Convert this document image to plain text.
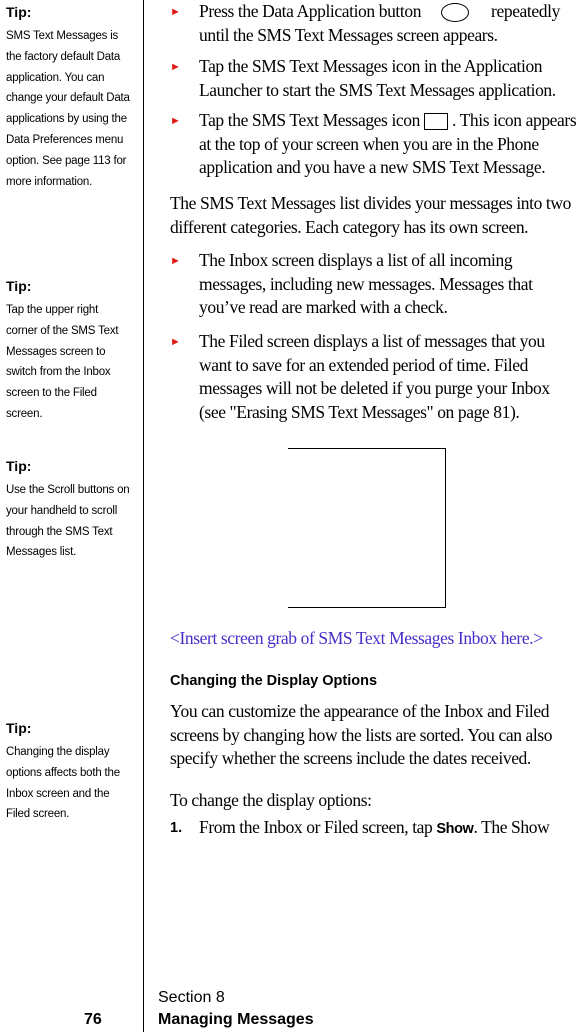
Tip:
SMS Text Messages is the factory default Data application. You can change your default Data applications by using the Data Preferences menu option. See page 113 for more information.
Tip:
Tap the upper right corner of the SMS Text Messages screen to switch from the Inbox screen to the Filed screen.
Tip:
Use the Scroll buttons on your handheld to scroll through the SMS Text Messages list.
Tip:
Changing the display options affects both the Inbox screen and the Filed screen.
► Press the Data Application button	repeatedly until the SMS Text Messages screen appears.
► Tap the SMS Text Messages icon in the Application Launcher to start the SMS Text Messages application.
► Tap the SMS Text Messages icon . This icon appears at the top of your screen when you are in the Phone application and you have a new SMS Text Message.
The SMS Text Messages list divides your messages into two different categories. Each category has its own screen.
► The Inbox screen displays a list of all incoming messages, including new messages. Messages that you’ve read are marked with a check.
► The Filed screen displays a list of messages that you want to save for an extended period of time. Filed messages will not be deleted if you purge your Inbox (see "Erasing SMS Text Messages" on page 81).
<Insert screen grab of SMS Text Messages Inbox here.>
Changing the Display Options
You can customize the appearance of the Inbox and Filed screens by changing how the lists are sorted. You can also specify whether the screens include the dates received.
To change the display options:
1. From the Inbox or Filed screen, tap Show. The Show
Section 8
76	Managing Messages
